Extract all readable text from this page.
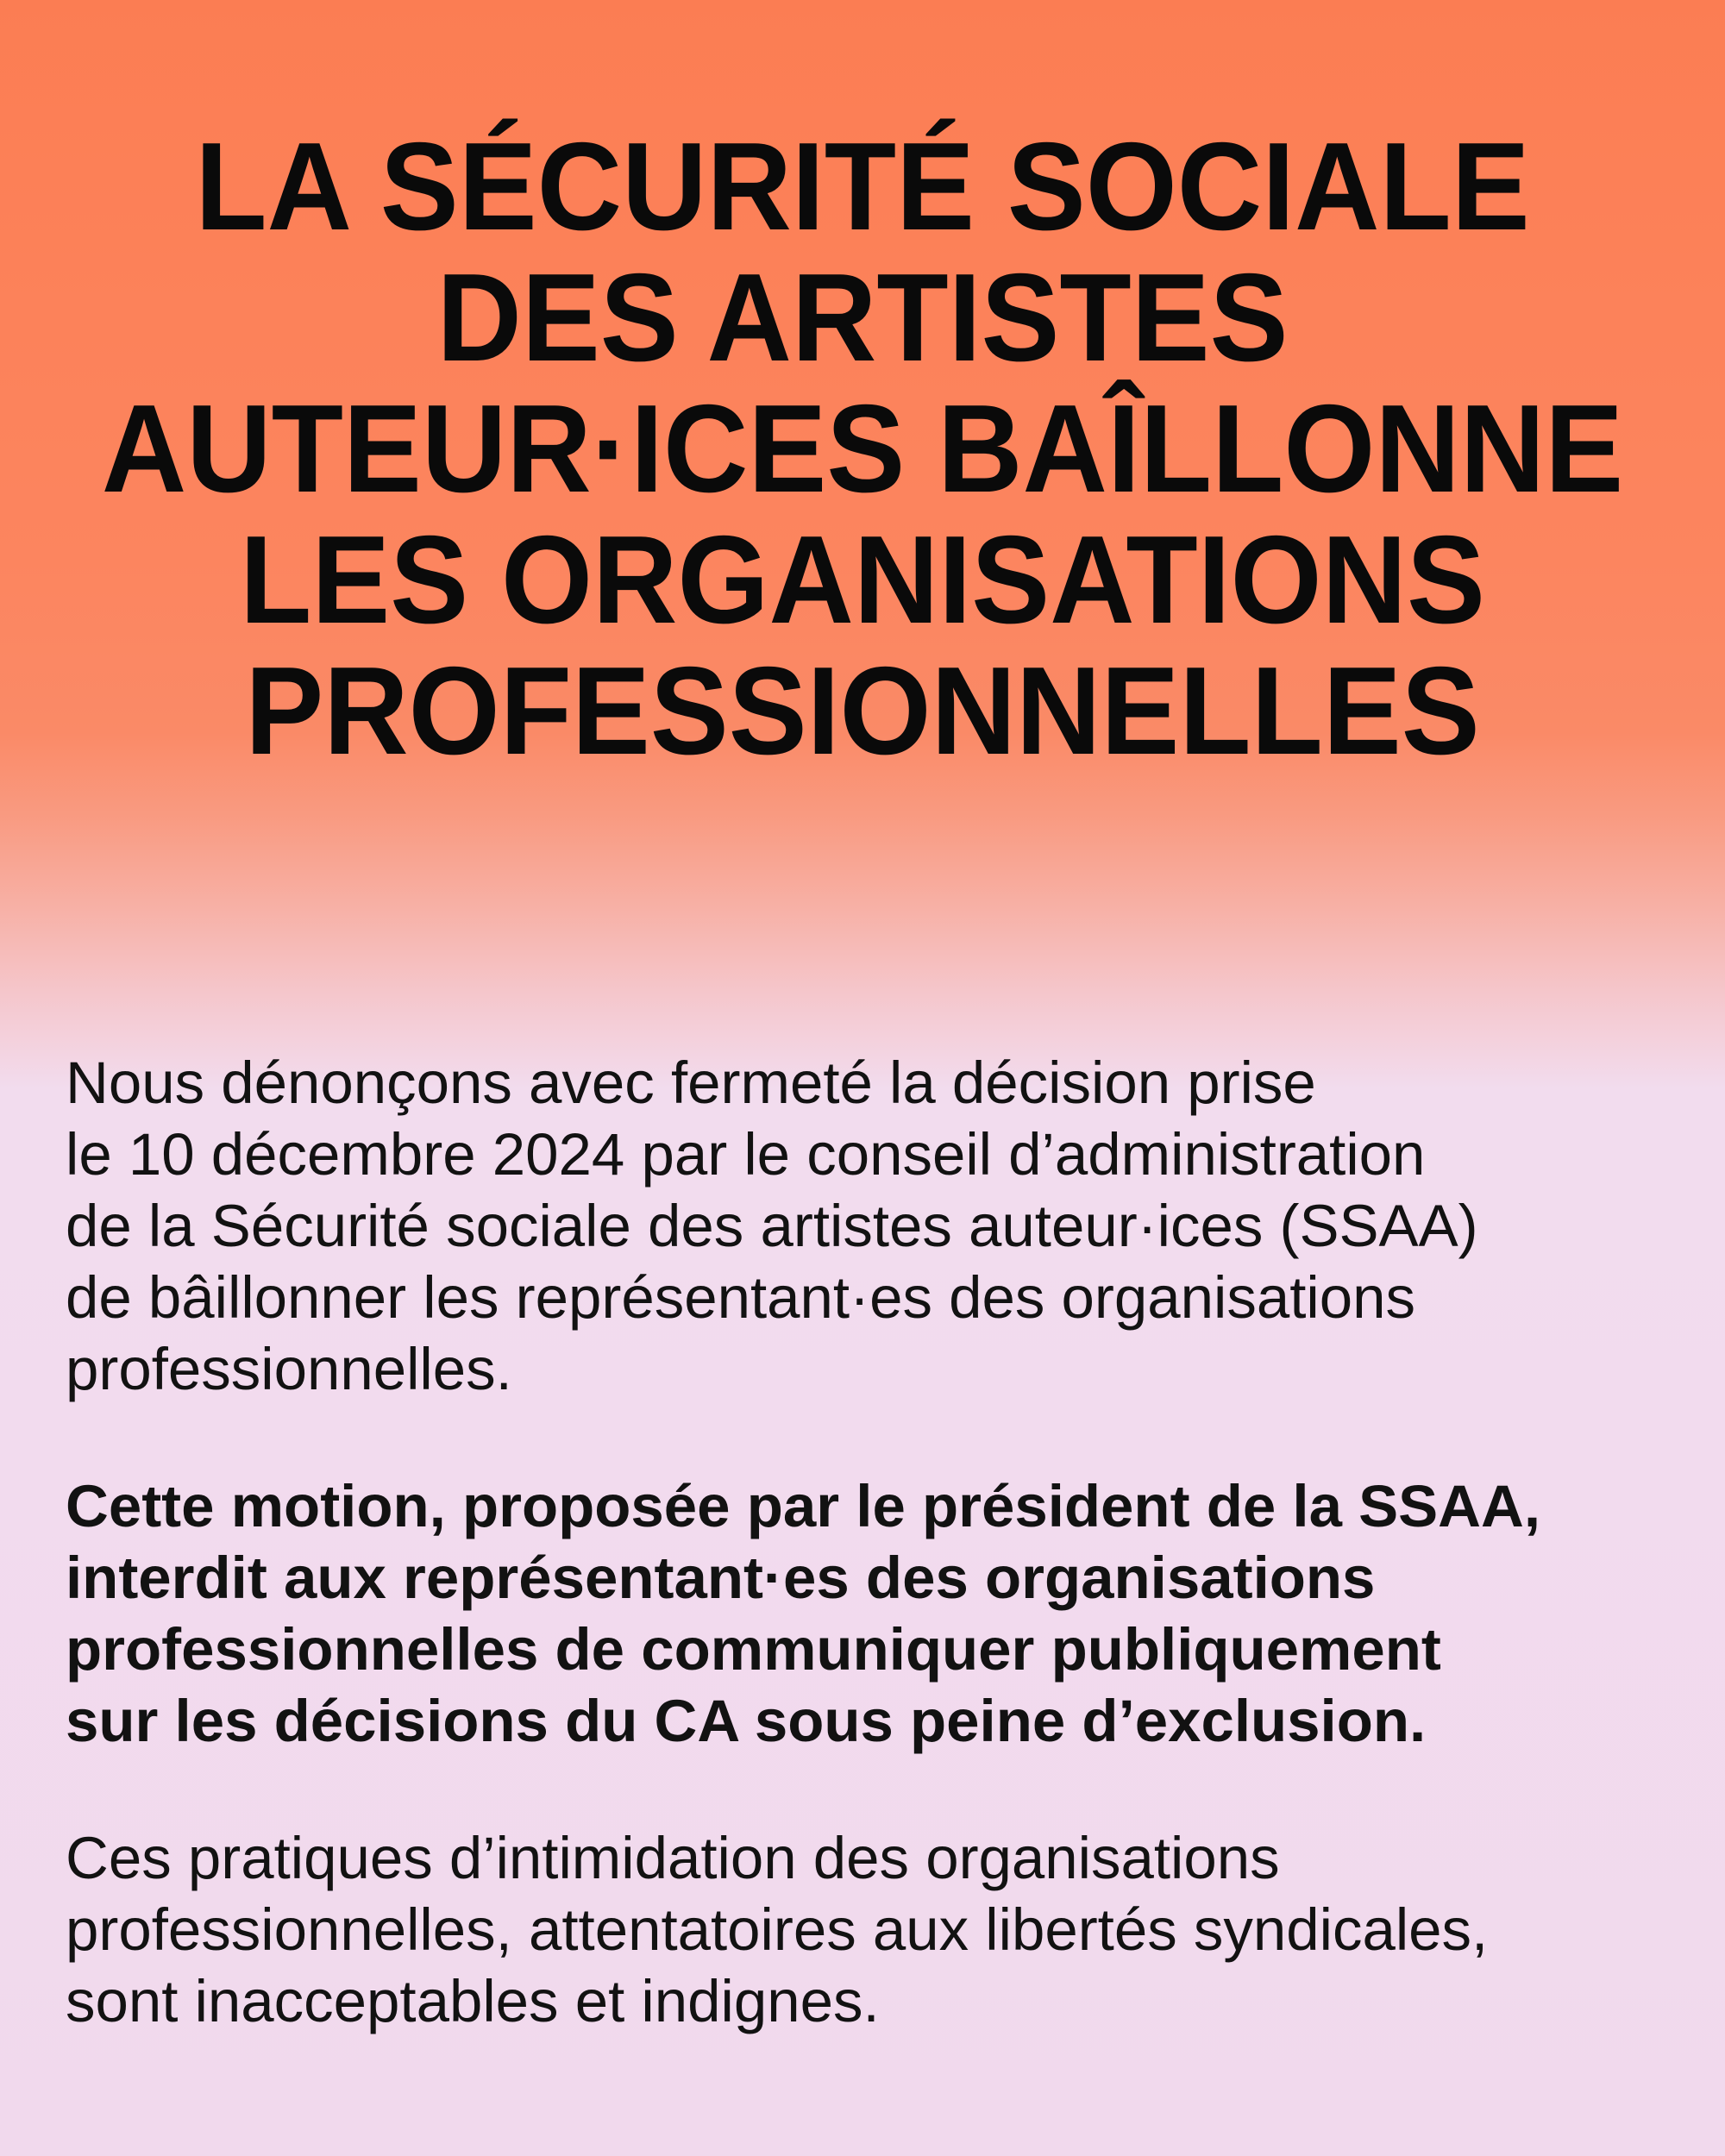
LA SÉCURITÉ SOCIALE
DES ARTISTES
AUTEUR·ICES BAÎLLONNE
LES ORGANISATIONS
PROFESSIONNELLES

Nous dénonçons avec fermeté la décision prise
le 10 décembre 2024 par le conseil d’administration
de la Sécurité sociale des artistes auteur·ices (SSAA)
de bâillonner les représentant·es des organisations
professionnelles.

Cette motion, proposée par le président de la SSAA,
interdit aux représentant·es des organisations
professionnelles de communiquer publiquement
sur les décisions du CA sous peine d’exclusion.

Ces pratiques d’intimidation des organisations
professionnelles, attentatoires aux libertés syndicales,
sont inacceptables et indignes.
